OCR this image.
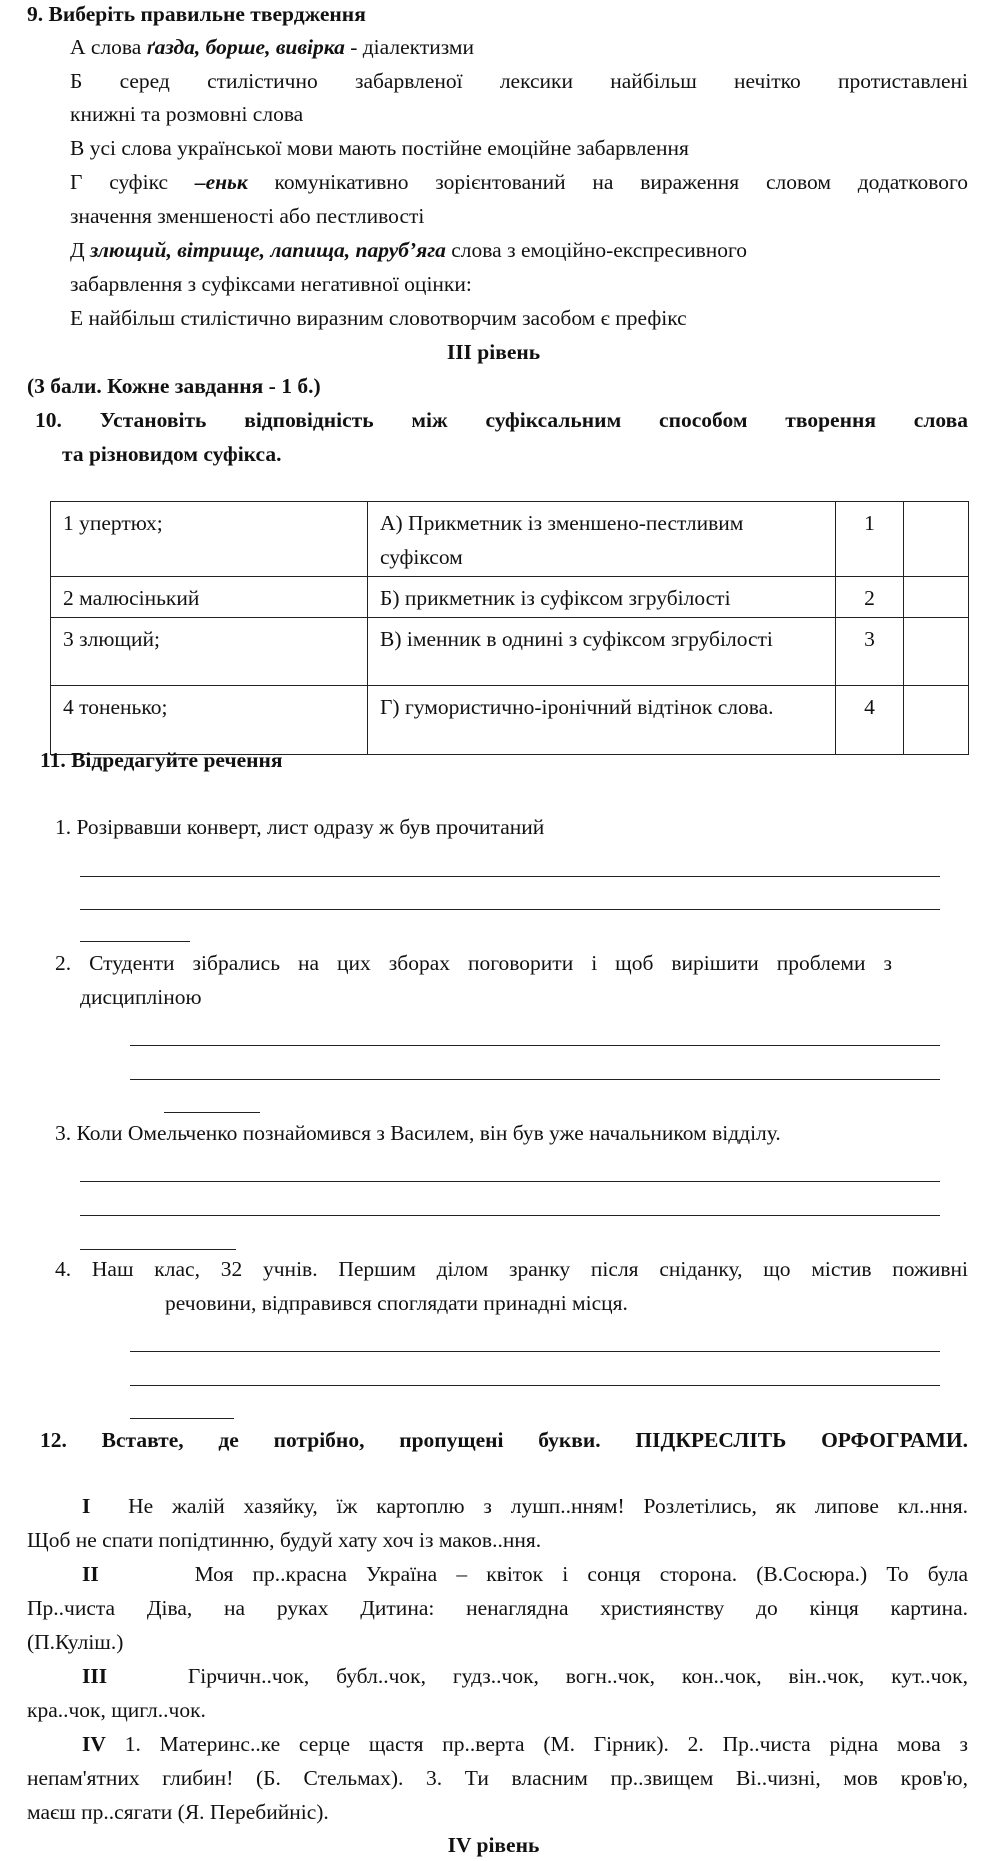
9. Виберіть правильне твердження
А слова ґазда, борше, вивірка - діалектизми
Б серед стилістично забарвленої лексики найбільш нечітко протиставлені
книжні та розмовні слова
В усі слова української мови мають постійне емоційне забарвлення
Г суфікс –еньк комунікативно зорієнтований на вираження словом додаткового
значення зменшеності або пестливості
Д злющий, вітрище, лапища, паруб’яга слова з емоційно-експресивного
забарвлення з суфіксами негативної оцінки:
Е найбільш стилістично виразним словотворчим засобом є префікс
III рівень
(3 бали. Кожне завдання - 1 б.)
10. Установіть відповідність між суфіксальним способом творення слова
та різновидом суфікса.
1 упертюх;	А) Прикметник із зменшено-пестливим суфіксом	1	
2 малюсінький	Б) прикметник із суфіксом згрубілості	2	
3 злющий;	В) іменник в однині з суфіксом згрубілості	3	
4 тоненько;	Г) гумористично-іронічний відтінок слова.	4	
11. Відредагуйте речення
1. Розірвавши конверт, лист одразу ж був прочитаний
2. Студенти зібрались на цих зборах поговорити і щоб вирішити проблеми з
дисципліною
3. Коли Омельченко познайомився з Василем, він був уже начальником відділу.
4. Наш клас, 32 учнів. Першим ділом зранку після сніданку, що містив поживні
речовини, відправився споглядати принадні місця.
12. Вставте, де потрібно, пропущені букви. ПІДКРЕСЛІТЬ ОРФОГРАМИ.
І Не жалій хазяйку, їж картоплю з лушп..нням! Розлетілись, як липове кл..ння.
Щоб не спати попідтинню, будуй хату хоч із маков..ння.
ІІ	Моя пр..красна Україна – квіток і сонця сторона. (В.Сосюра.) То була
Пр..чиста Діва, на руках Дитина: ненаглядна християнству до кінця картина.
(П.Куліш.)
ІІІ	Гірчичн..чок, бубл..чок, гудз..чок, вогн..чок, кон..чок, він..чок, кут..чок,
кра..чок, щигл..чок.
ІV 1. Материнс..ке серце щастя пр..верта (М. Гірник). 2. Пр..чиста рідна мова з
непам'ятних глибин! (Б. Стельмах). 3. Ти власним пр..звищем Ві..чизні, мов кров'ю,
маєш пр..сягати (Я. Перебийніс).
ІV рівень
